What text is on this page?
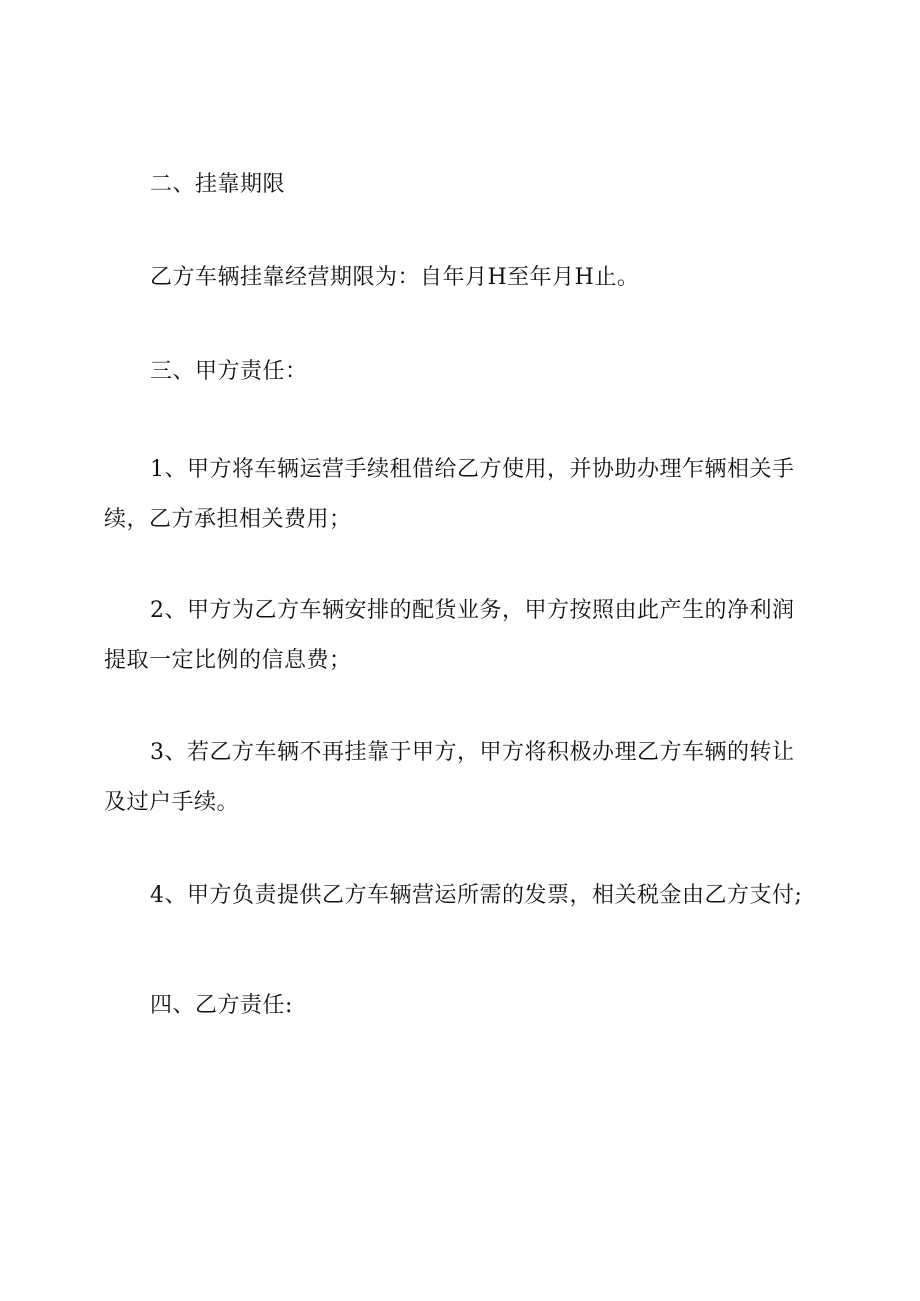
二、挂靠期限

乙方车辆挂靠经营期限为：自年月H至年月H止。

三、甲方责任：

1、甲方将车辆运营手续租借给乙方使用，并协助办理乍辆相关手
续，乙方承担相关费用；

2、甲方为乙方车辆安排的配货业务，甲方按照由此产生的净利润
提取一定比例的信息费；

3、若乙方车辆不再挂靠于甲方，甲方将积极办理乙方车辆的转让
及过户手续。

4、甲方负责提供乙方车辆营运所需的发票，相关税金由乙方支付;

四、乙方责任:
